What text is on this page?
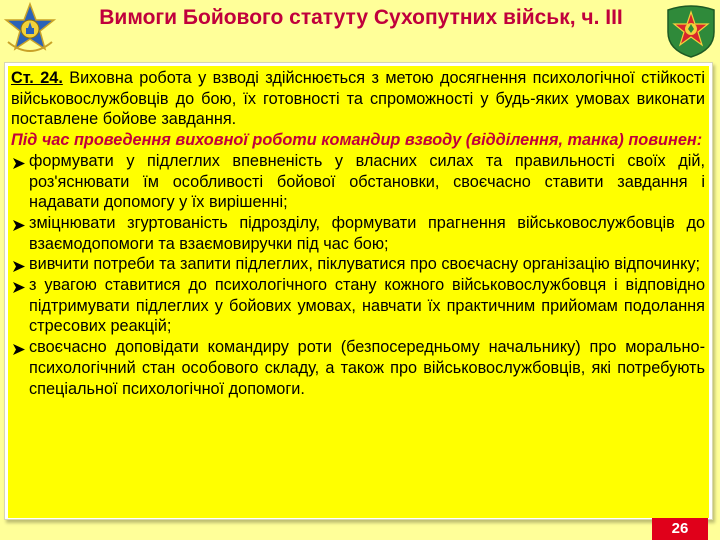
Вимоги Бойового статуту Сухопутних військ, ч. ІІІ

Ст. 24. Виховна робота у взводі здійснюється з метою досягнення психологічної стійкості військовослужбовців до бою, їх готовності та спроможності у будь-яких умовах виконати поставлене бойове завдання.

Під час проведення виховної роботи командир взводу (відділення, танка) повинен:

формувати у підлеглих впевненість у власних силах та правильності своїх дій, роз'яснювати їм особливості бойової обстановки, своєчасно ставити завдання і надавати допомогу у їх вирішенні;
зміцнювати згуртованість підрозділу, формувати прагнення військовослужбовців до взаємодопомоги та взаємовиручки під час бою;
вивчити потреби та запити підлеглих, піклуватися про своєчасну організацію відпочинку;
з увагою ставитися до психологічного стану кожного військовослужбовця і відповідно підтримувати підлеглих у бойових умовах, навчати їх практичним прийомам подолання стресових реакцій;
своєчасно доповідати командиру роти (безпосередньому начальнику) про морально-психологічний стан особового складу, а також про військовослужбовців, які потребують спеціальної психологічної допомоги.
26
